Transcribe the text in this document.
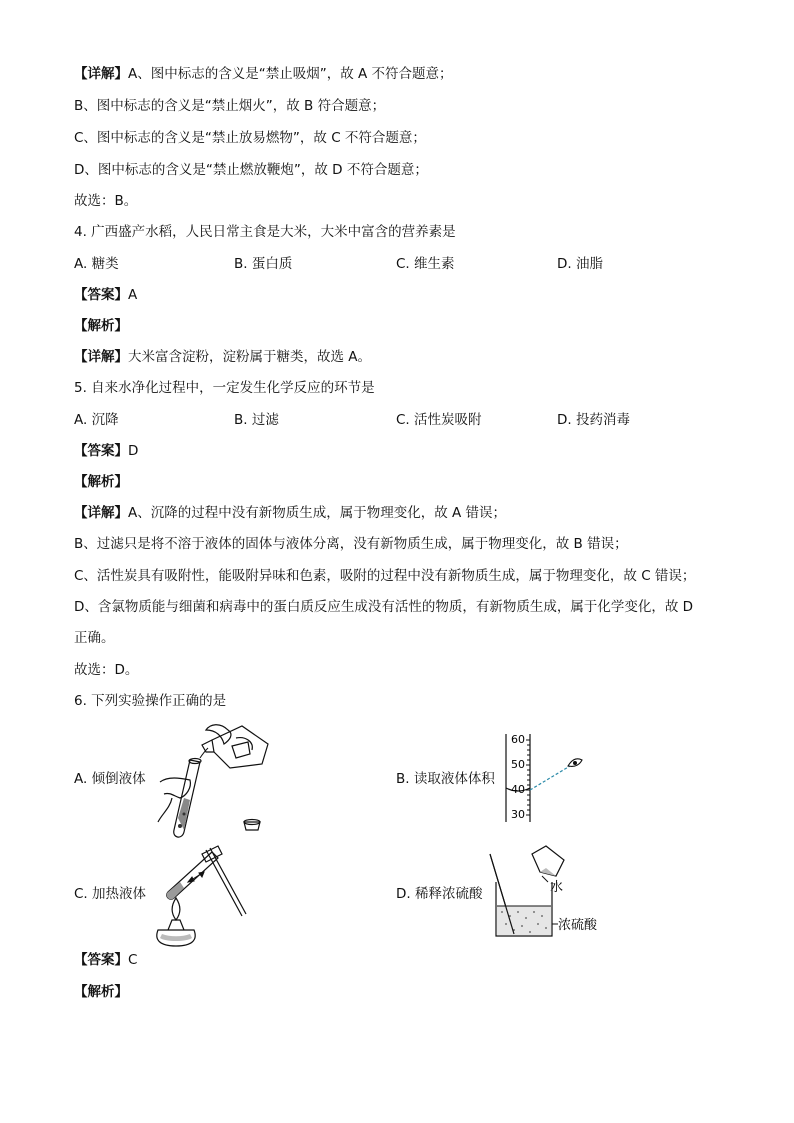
【详解】A、图中标志的含义是“禁止吸烟”，故 A 不符合题意；
B、图中标志的含义是“禁止烟火”，故 B 符合题意；
C、图中标志的含义是“禁止放易燃物”，故 C 不符合题意；
D、图中标志的含义是“禁止燃放鞭炮”，故 D 不符合题意；
故选：B。
4. 广西盛产水稻，人民日常主食是大米，大米中富含的营养素是
A. 糖类	B. 蛋白质	C. 维生素	D. 油脂
【答案】A
【解析】
【详解】大米富含淀粉，淀粉属于糖类，故选 A。
5. 自来水净化过程中，一定发生化学反应的环节是
A. 沉降	B. 过滤	C. 活性炭吸附	D. 投药消毒
【答案】D
【解析】
【详解】A、沉降的过程中没有新物质生成，属于物理变化，故 A 错误；
B、过滤只是将不溶于液体的固体与液体分离，没有新物质生成，属于物理变化，故 B 错误；
C、活性炭具有吸附性，能吸附异味和色素，吸附的过程中没有新物质生成，属于物理变化，故 C 错误；
D、含氯物质能与细菌和病毒中的蛋白质反应生成没有活性的物质，有新物质生成，属于化学变化，故 D
正确。
故选：D。
6. 下列实验操作正确的是
A. 倾倒液体	B. 读取液体体积
C. 加热液体	D. 稀释浓硫酸
60
50
40
30
水
浓硫酸
【答案】C
【解析】
